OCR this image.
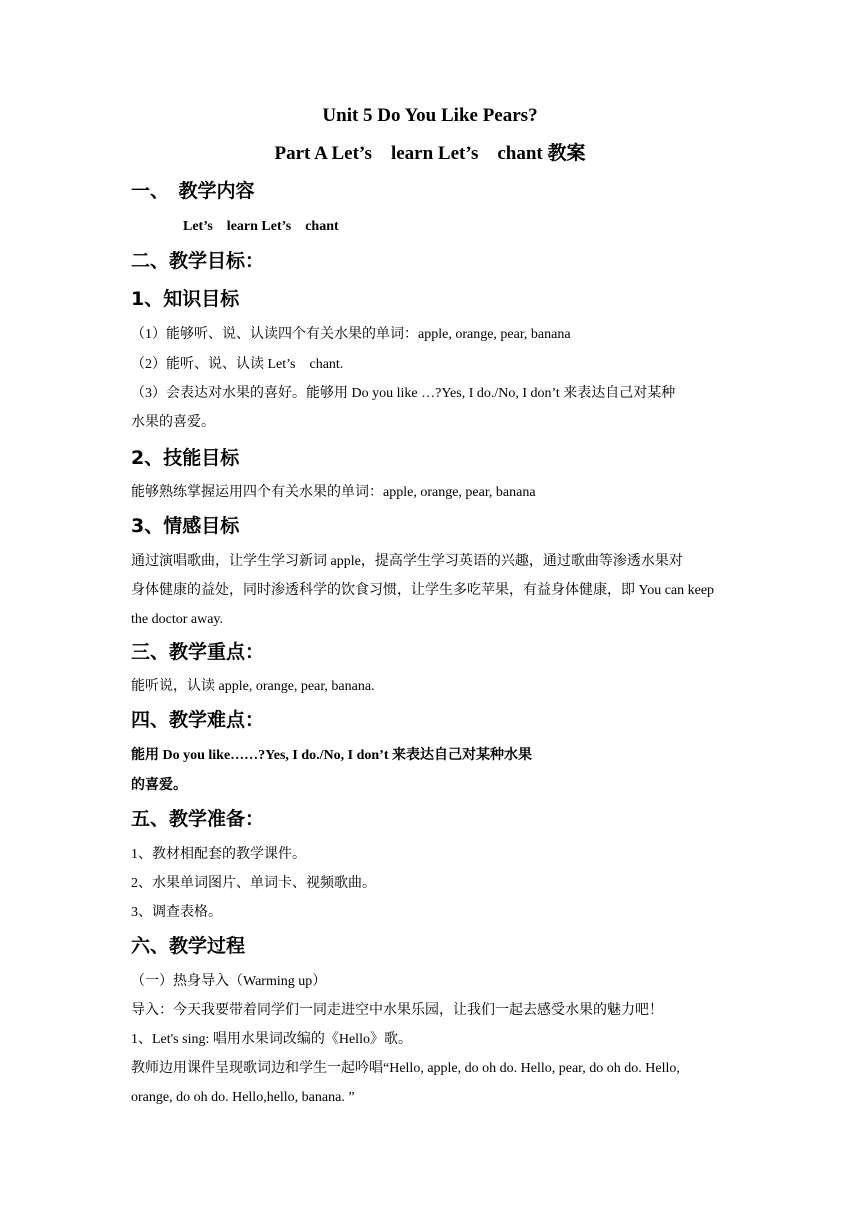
Unit 5 Do You Like Pears?
Part A Let’s　learn Let’s　chant 教案
一、　教学内容
Let’s　learn Let’s　chant
二、教学目标：
1、知识目标
（1）能够听、说、认读四个有关水果的单词：apple, orange, pear, banana
（2）能听、说、认读 Let’s　chant.
（3）会表达对水果的喜好。能够用 Do you like …?Yes, I do./No, I don’t 来表达自己对某种
水果的喜爱。
2、技能目标
能够熟练掌握运用四个有关水果的单词：apple, orange, pear, banana
3、情感目标
通过演唱歌曲，让学生学习新词 apple，提高学生学习英语的兴趣，通过歌曲等渗透水果对
身体健康的益处，同时渗透科学的饮食习惯，让学生多吃苹果，有益身体健康，即 You can keep
the doctor away.
三、教学重点：
能听说，认读 apple, orange, pear, banana.
四、教学难点：
能用 Do you like……?Yes, I do./No, I don’t 来表达自己对某种水果
的喜爱。
五、教学准备：
1、教材相配套的教学课件。
2、水果单词图片、单词卡、视频歌曲。
3、调查表格。
六、教学过程
（一）热身导入（Warming up）
导入：今天我要带着同学们一同走进空中水果乐园，让我们一起去感受水果的魅力吧！
1、Let's sing: 唱用水果词改编的《Hello》歌。
教师边用课件呈现歌词边和学生一起吟唱“Hello, apple, do oh do. Hello, pear, do oh do. Hello,
orange, do oh do. Hello,hello, banana. ”
